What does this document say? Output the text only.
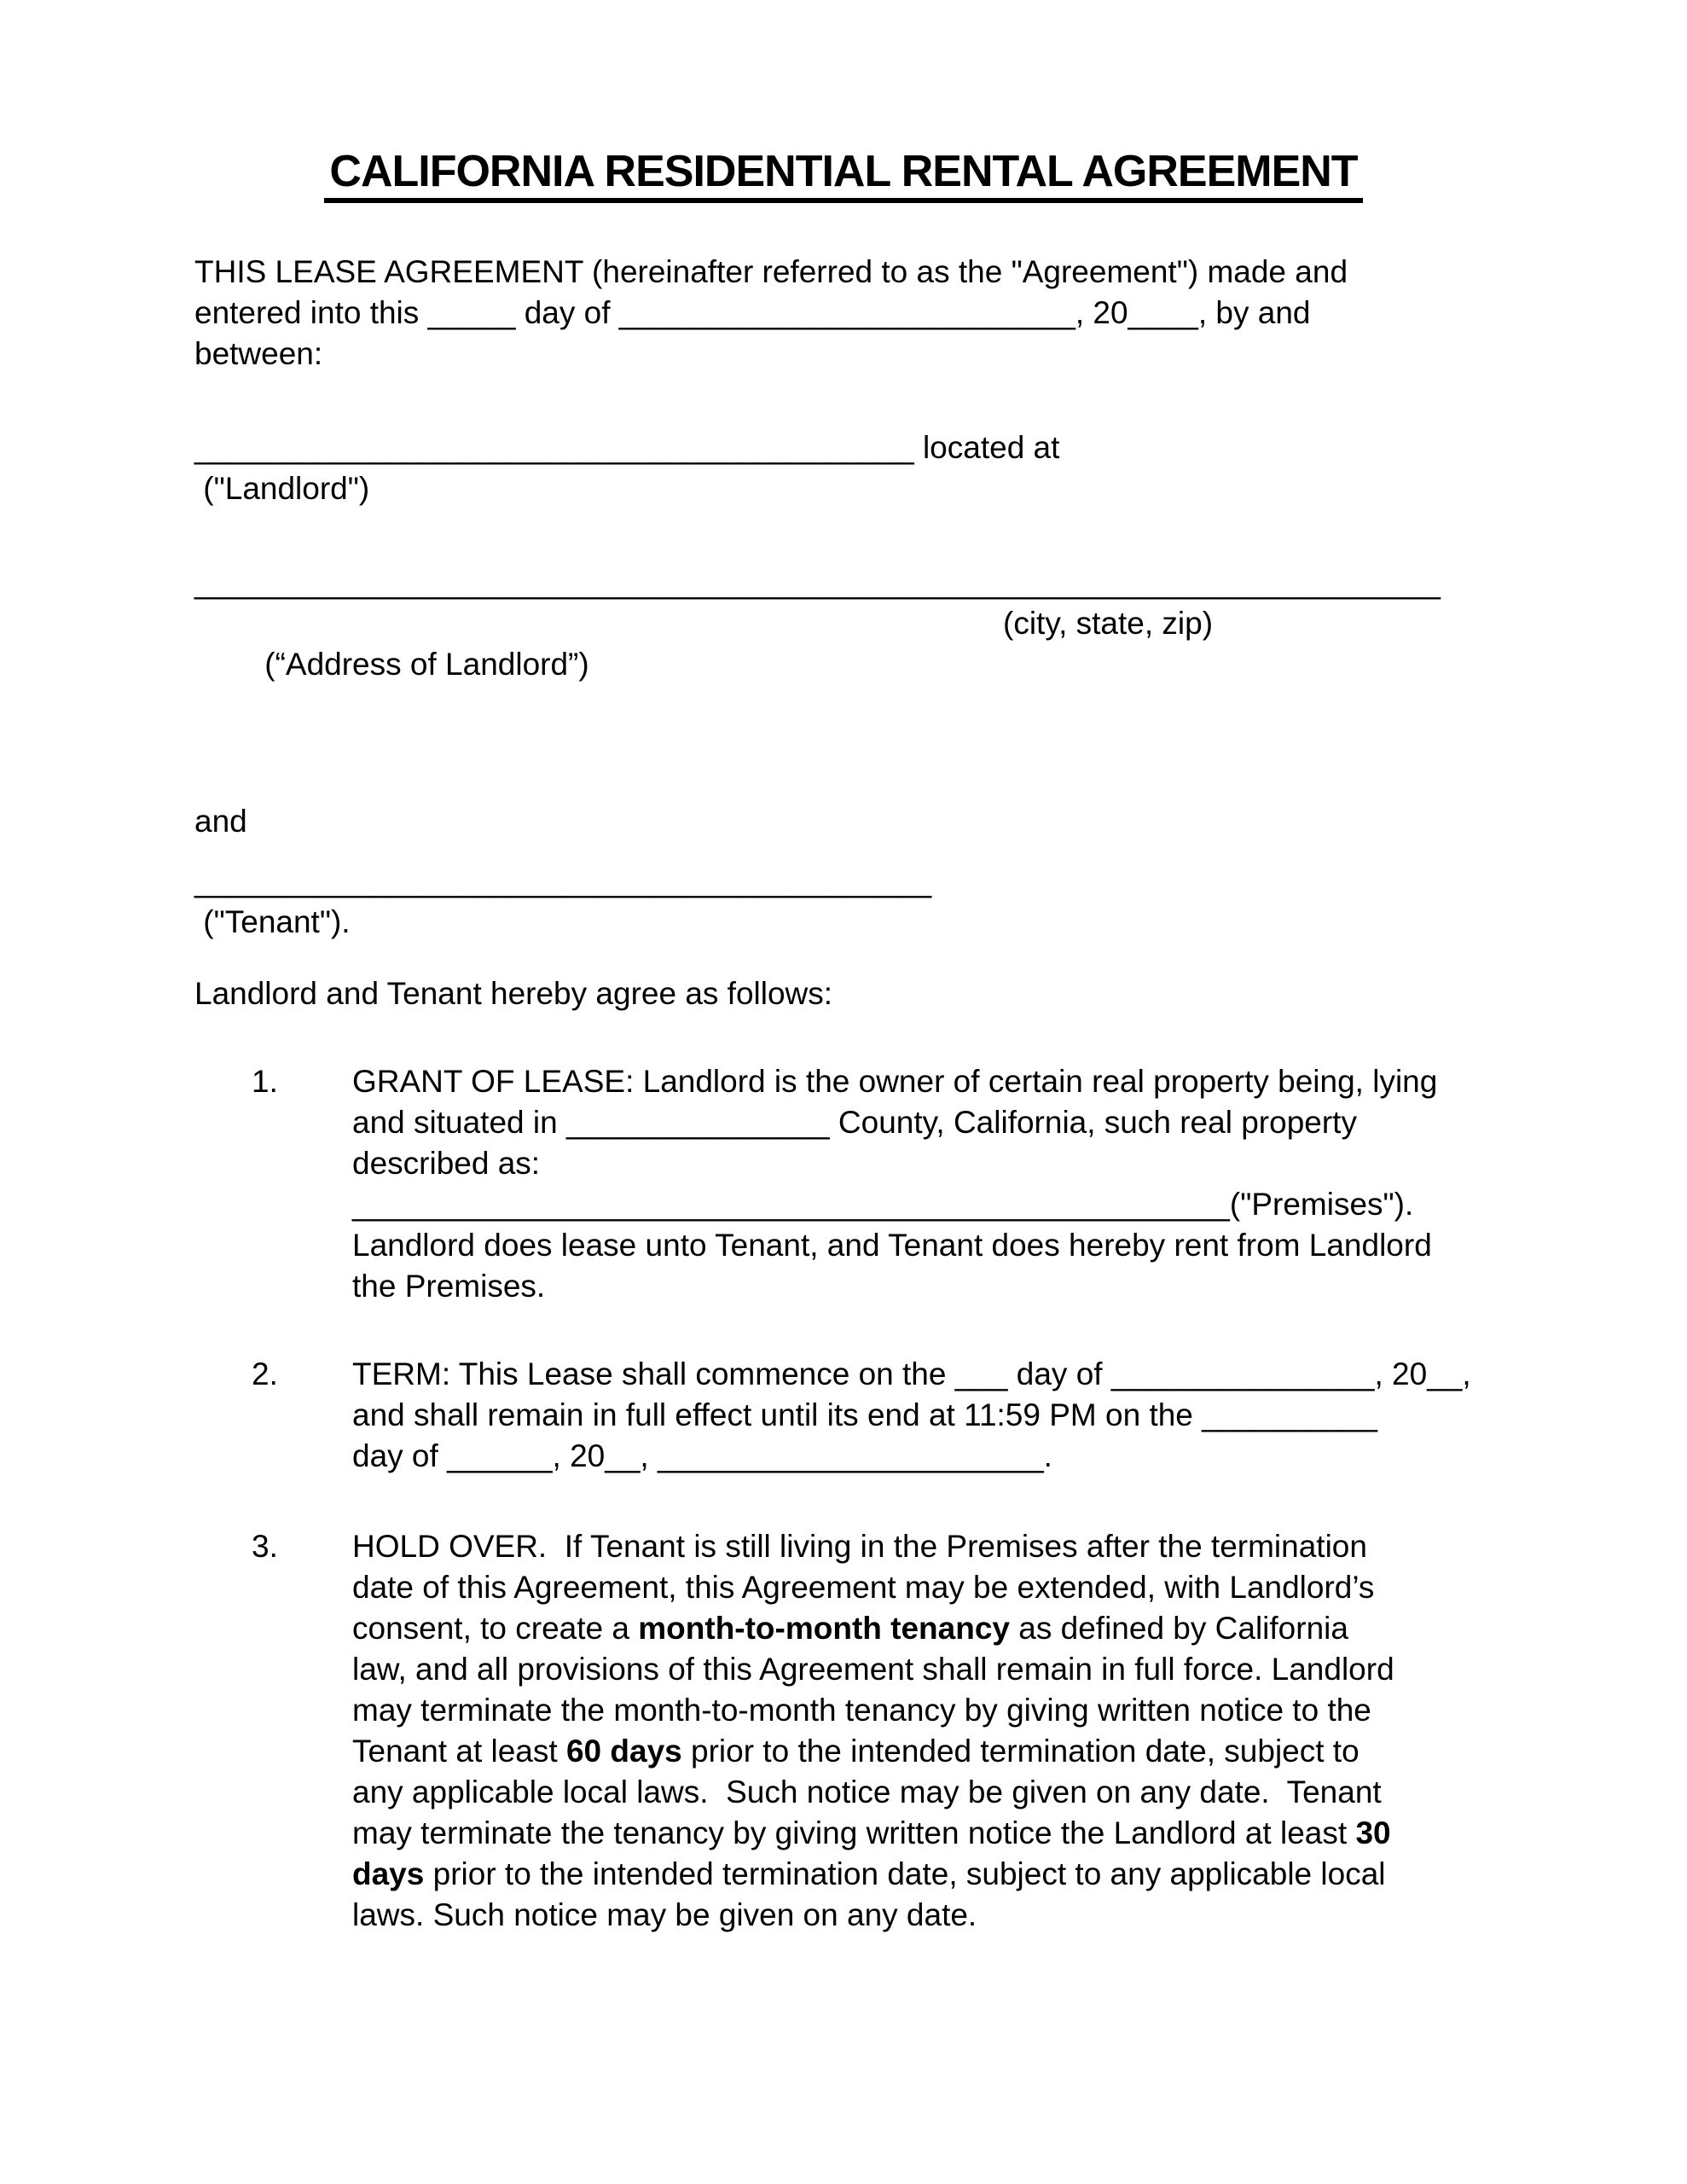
CALIFORNIA RESIDENTIAL RENTAL AGREEMENT
THIS LEASE AGREEMENT (hereinafter referred to as the "Agreement") made and
entered into this _____ day of __________________________, 20____, by and
between:
_________________________________________ located at
("Landlord")
_______________________________________________________________________

(“Address of Landlord”)

(city, state, zip)

and
__________________________________________
("Tenant").
Landlord and Tenant hereby agree as follows:
1.	GRANT OF LEASE: Landlord is the owner of certain real property being, lying
and situated in _______________ County, California, such real property
described as:
__________________________________________________("Premises").
Landlord does lease unto Tenant, and Tenant does hereby rent from Landlord
the Premises.
2.	TERM: This Lease shall commence on the ___ day of _______________, 20__,
and shall remain in full effect until its end at 11:59 PM on the __________
day of ______, 20__, ______________________.
3.	HOLD OVER.  If Tenant is still living in the Premises after the termination
date of this Agreement, this Agreement may be extended, with Landlord’s
consent, to create a month-to-month tenancy as defined by California
law, and all provisions of this Agreement shall remain in full force. Landlord
may terminate the month-to-month tenancy by giving written notice to the
Tenant at least 60 days prior to the intended termination date, subject to
any applicable local laws.  Such notice may be given on any date.  Tenant
may terminate the tenancy by giving written notice the Landlord at least 30
days prior to the intended termination date, subject to any applicable local
laws. Such notice may be given on any date.
